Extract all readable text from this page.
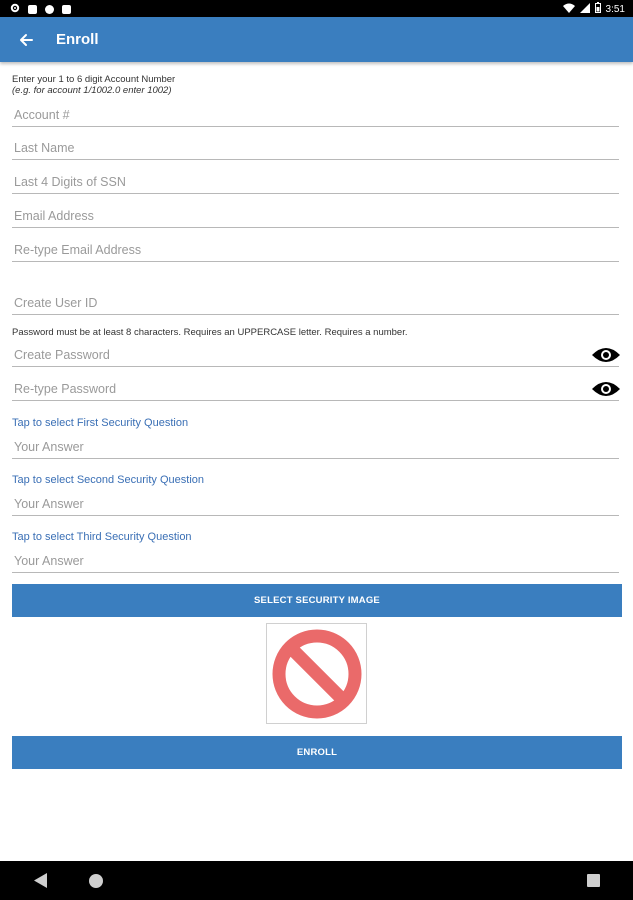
3:51
Enroll
Enter your 1 to 6 digit Account Number
(e.g. for account 1/1002.0 enter 1002)
Account #
Last Name
Last 4 Digits of SSN
Email Address
Re-type Email Address
Create User ID
Password must be at least 8 characters. Requires an UPPERCASE letter. Requires a number.
Tap to select First Security Question
Your Answer
Tap to select Second Security Question
Your Answer
Tap to select Third Security Question
Your Answer
SELECT SECURITY IMAGE
ENROLL
